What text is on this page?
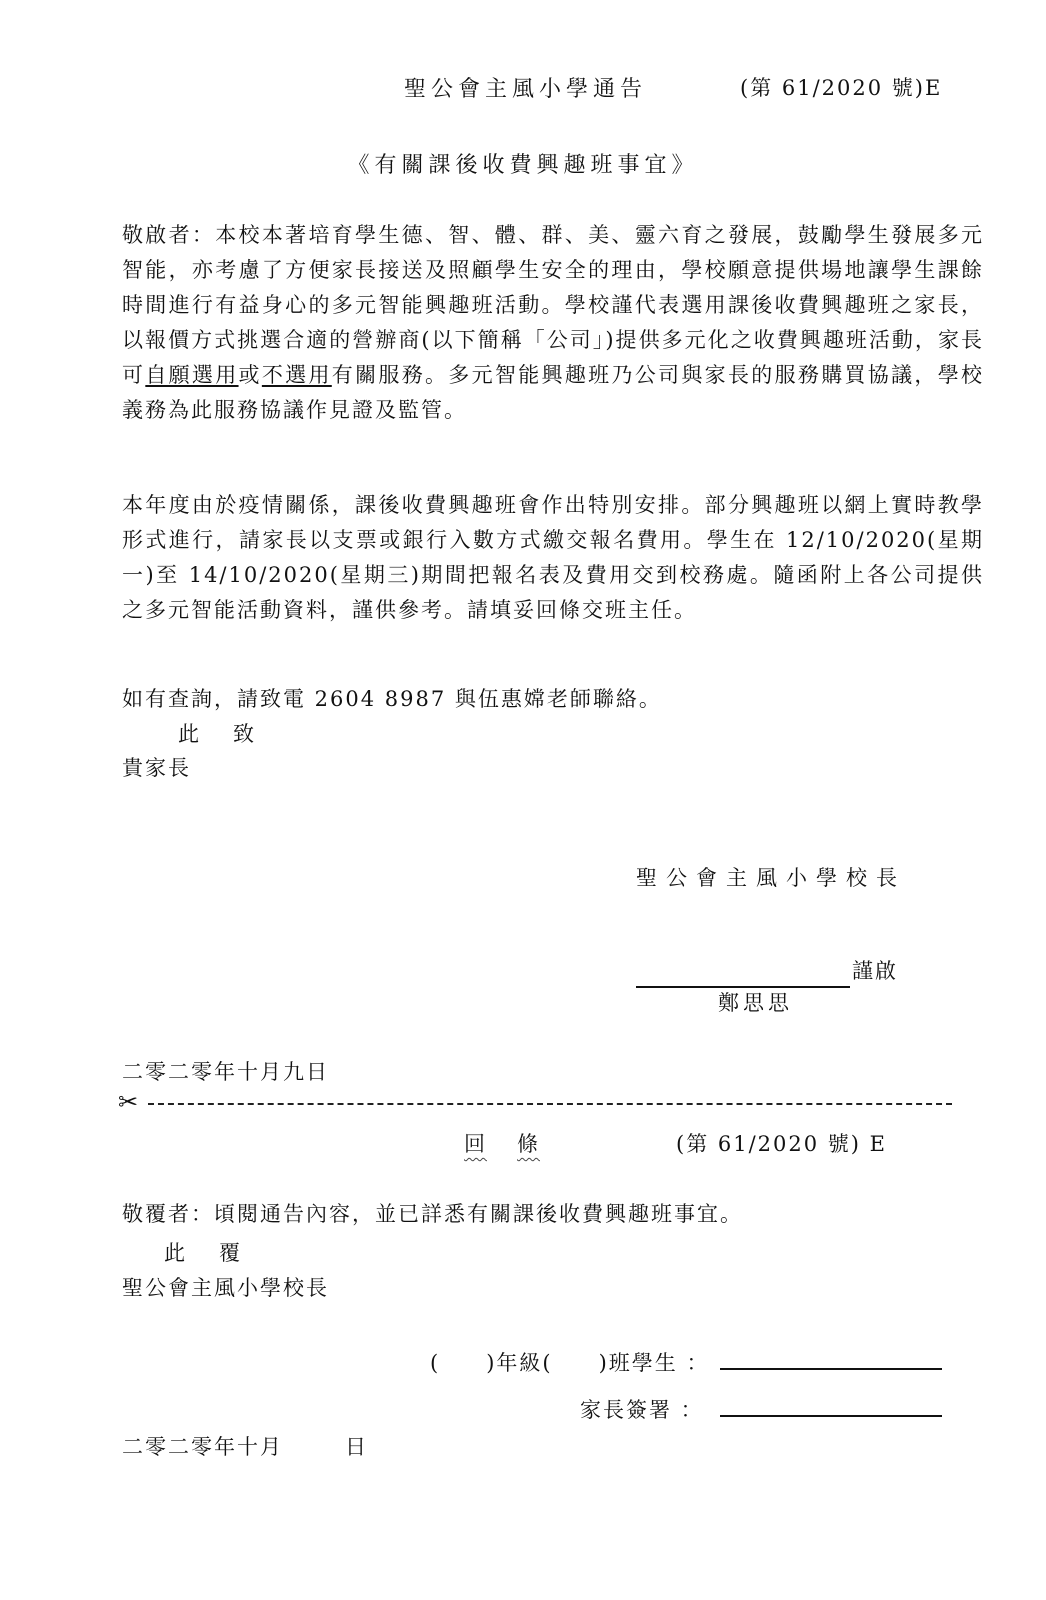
聖公會主風小學通告	(第 61/2020 號)E
《有關課後收費興趣班事宜》
敬啟者：本校本著培育學生德、智、體、群、美、靈六育之發展，鼓勵學生發展多元智能，亦考慮了方便家長接送及照顧學生安全的理由，學校願意提供場地讓學生課餘時間進行有益身心的多元智能興趣班活動。學校謹代表選用課後收費興趣班之家長，以報價方式挑選合適的營辦商(以下簡稱「公司」)提供多元化之收費興趣班活動，家長可自願選用或不選用有關服務。多元智能興趣班乃公司與家長的服務購買協議，學校義務為此服務協議作見證及監管。
本年度由於疫情關係，課後收費興趣班會作出特別安排。部分興趣班以網上實時教學形式進行，請家長以支票或銀行入數方式繳交報名費用。學生在 12/10/2020(星期一)至 14/10/2020(星期三)期間把報名表及費用交到校務處。隨函附上各公司提供之多元智能活動資料，謹供參考。請填妥回條交班主任。
如有查詢，請致電 2604 8987 與伍惠嫦老師聯絡。
此 致
貴家長
聖公會主風小學校長
謹啟
鄭思思
二零二零年十月九日
✂
回 條	(第 61/2020 號) E
敬覆者：頃閱通告內容，並已詳悉有關課後收費興趣班事宜。
此 覆
聖公會主風小學校長
(　　)年級(　　)班學生 ：
家長簽署 ：
二零二零年十月	日
